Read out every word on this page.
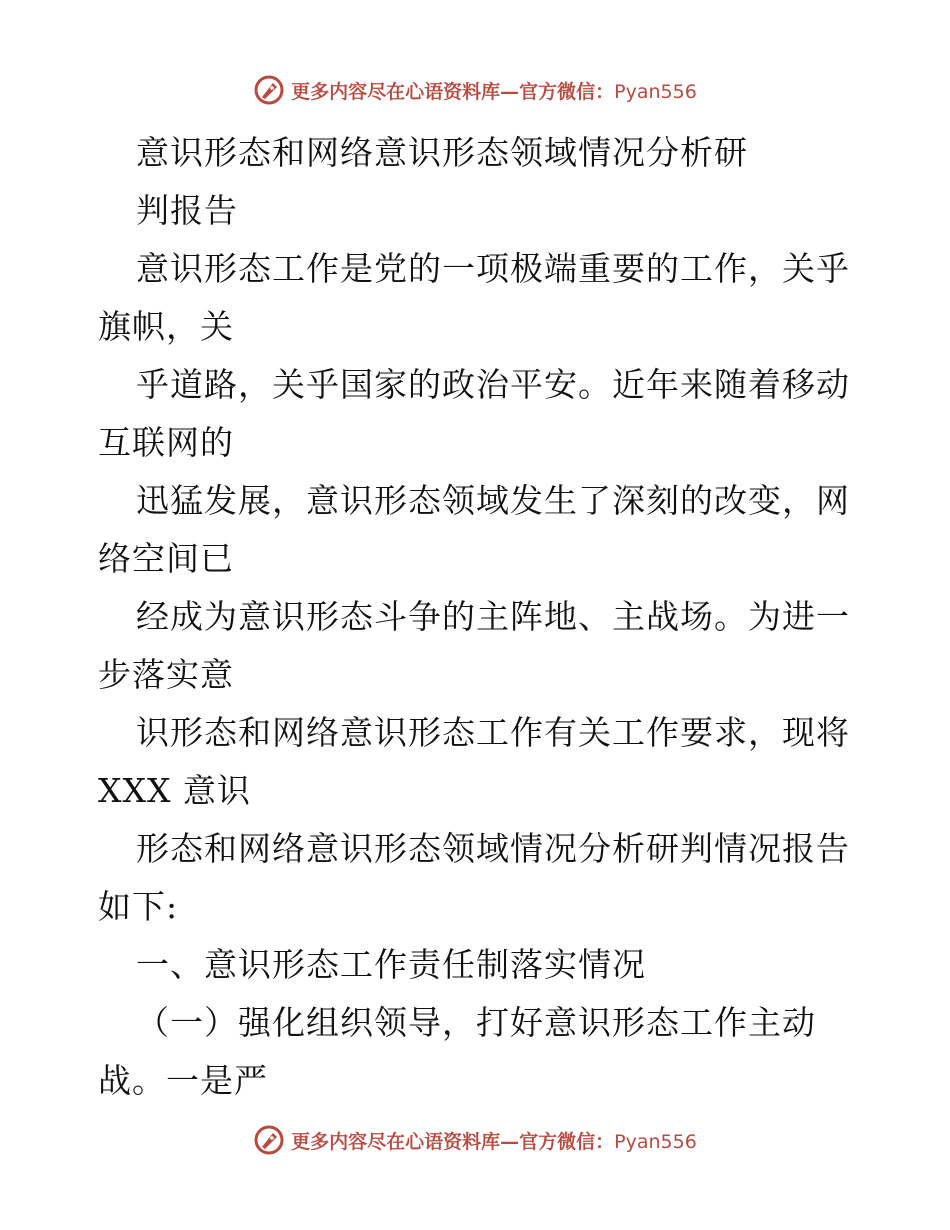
更多内容尽在心语资料库—官方微信：Pyan556
意识形态和网络意识形态领域情况分析研
判报告
意识形态工作是党的一项极端重要的工作，关乎
旗帜，关
乎道路，关乎国家的政治平安。近年来随着移动
互联网的
迅猛发展，意识形态领域发生了深刻的改变，网
络空间已
经成为意识形态斗争的主阵地、主战场。为进一
步落实意
识形态和网络意识形态工作有关工作要求，现将
XXX 意识
形态和网络意识形态领域情况分析研判情况报告
如下:
一、意识形态工作责任制落实情况
（一）强化组织领导，打好意识形态工作主动
战。一是严
更多内容尽在心语资料库—官方微信：Pyan556
